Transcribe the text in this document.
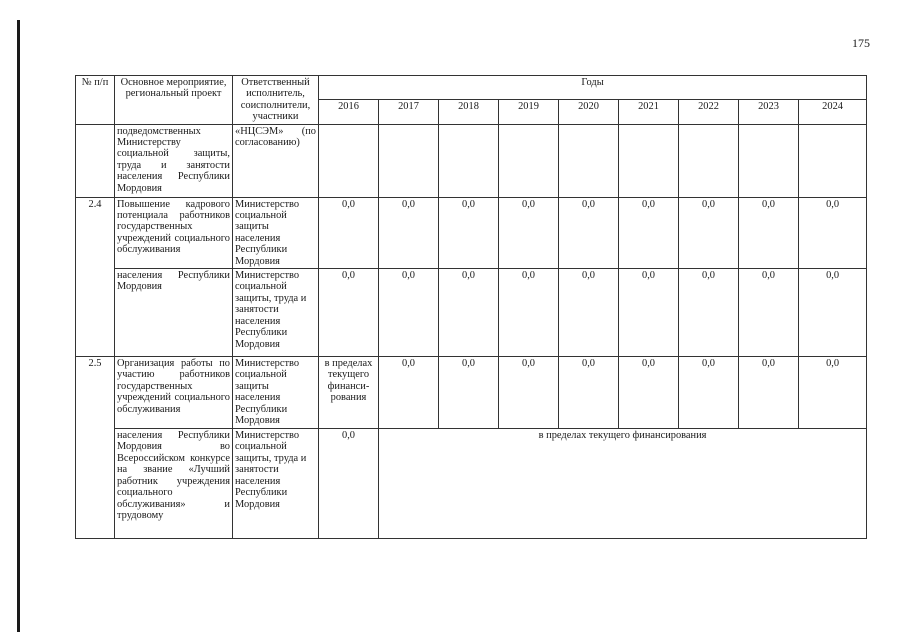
175
№ п/п	Основное мероприятие, региональный проект	Ответственный исполнитель, соисполнители, участники	Годы								
			2016	2017	2018	2019	2020	2021	2022	2023	2024
	подведомственных Министерству социальной защиты, труда и занятости населения Республики Мордовия	«НЦСЭМ» (по согласованию)									
2.4	Повышение кадрового потенциала работников государственных учреждений социального обслуживания	Министерство социальной защиты населения Республики Мордовия	0,0	0,0	0,0	0,0	0,0	0,0	0,0	0,0	0,0
	населения Республики Мордовия	Министерство социальной защиты, труда и занятости населения Республики Мордовия	0,0	0,0	0,0	0,0	0,0	0,0	0,0	0,0	0,0
2.5	Организация работы по участию работников государственных учреждений социального обслуживания	Министерство социальной защиты населения Республики Мордовия	в пределах текущего финанси- рования	0,0	0,0	0,0	0,0	0,0	0,0	0,0	0,0
	населения Республики Мордовия во Всероссийском конкурсе на звание «Лучший работник учреждения социального обслуживания» и трудовому	Министерство социальной защиты, труда и занятости населения Республики Мордовия	0,0	в пределах текущего финансирования							
